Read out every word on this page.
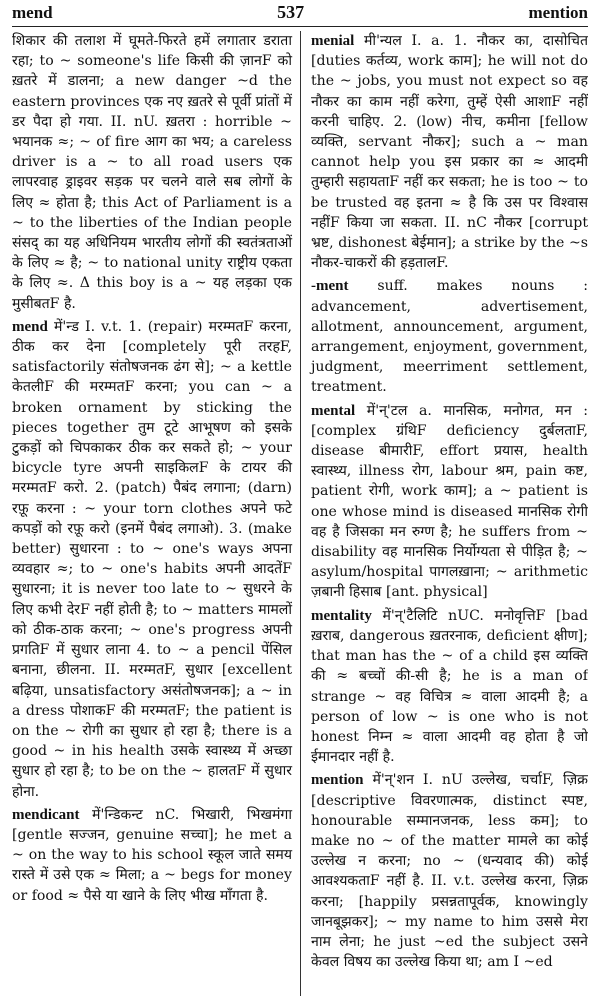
mend	537	mention

शिकार की तलाश में घूमते-फिरते हमें लगातार डराता रहा; to ~ someone's life किसी की ज़ानF को ख़तरे में डालना; a new danger ~d the eastern provinces एक नए ख़तरे से पूर्वी प्रांतों में डर पैदा हो गया. II. nU. ख़तरा : horrible ~ भयानक ≈; ~ of fire आग का भय; a careless driver is a ~ to all road users एक लापरवाह ड्राइवर सड़क पर चलने वाले सब लोगों के लिए ≈ होता है; this Act of Parliament is a ~ to the liberties of the Indian people संसद् का यह अधिनियम भारतीय लोगों की स्वतंत्रताओं के लिए ≈ है; ~ to national unity राष्ट्रीय एकता के लिए ≈. Δ this boy is a ~ यह लड़का एक मुसीबतF है.

mend में'न्ड I. v.t. 1. (repair) मरम्मतF करना, ठीक कर देना [completely पूरी तरहF, satisfactorily संतोषजनक ढंग से]; ~ a kettle केतलीF की मरम्मतF करना; you can ~ a broken ornament by sticking the pieces together तुम टूटे आभूषण को इसके टुकड़ों को चिपकाकर ठीक कर सकते हो; ~ your bicycle tyre अपनी साइकिलF के टायर की मरम्मतF करो. 2. (patch) पैबंद लगाना; (darn) रफ़ू करना : ~ your torn clothes अपने फटे कपड़ों को रफ़ू करो (इनमें पैबंद लगाओ). 3. (make better) सुधारना : to ~ one's ways अपना व्यवहार ≈; to ~ one's habits अपनी आदतेंF सुधारना; it is never too late to ~ सुधरने के लिए कभी देरF नहीं होती है; to ~ matters मामलों को ठीक-ठाक करना; ~ one's progress अपनी प्रगतिF में सुधार लाना 4. to ~ a pencil पेंसिल बनाना, छीलना. II. मरम्मतF, सुधार [excellent बढ़िया, unsatisfactory असंतोषजनक]; a ~ in a dress पोशाकF की मरम्मतF; the patient is on the ~ रोगी का सुधार हो रहा है; there is a good ~ in his health उसके स्वास्थ्य में अच्छा सुधार हो रहा है; to be on the ~ हालतF में सुधार होना.

mendicant में'न्डिकन्ट nC. भिखारी, भिखमंगा [gentle सज्जन, genuine सच्चा]; he met a ~ on the way to his school स्कूल जाते समय रास्ते में उसे एक ≈ मिला; a ~ begs for money or food ≈ पैसे या खाने के लिए भीख माँगता है.

menial मी'न्यल I. a. 1. नौकर का, दासोचित [duties कर्तव्य, work काम]; he will not do the ~ jobs, you must not expect so वह नौकर का काम नहीं करेगा, तुम्हें ऐसी आशाF नहीं करनी चाहिए. 2. (low) नीच, कमीना [fellow व्यक्ति, servant नौकर]; such a ~ man cannot help you इस प्रकार का ≈ आदमी तुम्हारी सहायताF नहीं कर सकता; he is too ~ to be trusted वह इतना ≈ है कि उस पर विश्वास नहींF किया जा सकता. II. nC नौकर [corrupt भ्रष्ट, dishonest बेईमान]; a strike by the ~s नौकर-चाकरों की हड़तालF.

-ment suff. makes nouns : advancement, advertisement, allotment, announcement, argument, arrangement, enjoyment, government, judgment, meerriment settlement, treatment.

mental में'न्'टल a. मानसिक, मनोगत, मन : [complex ग्रंथिF deficiency दुर्बलताF, disease बीमारीF, effort प्रयास, health स्वास्थ्य, illness रोग, labour श्रम, pain कष्ट, patient रोगी, work काम]; a ~ patient is one whose mind is diseased मानसिक रोगी वह है जिसका मन रुग्ण है; he suffers from ~ disability वह मानसिक निर्योग्यता से पीड़ित है; ~ asylum/hospital पागलख़ाना; ~ arithmetic ज़बानी हिसाब [ant. physical]

mentality में'न्'टैलिटि nUC. मनोवृत्तिF [bad ख़राब, dangerous ख़तरनाक, deficient क्षीण]; that man has the ~ of a child इस व्यक्ति की ≈ बच्चों की-सी है; he is a man of strange ~ वह विचित्र ≈ वाला आदमी है; a person of low ~ is one who is not honest निम्न ≈ वाला आदमी वह होता है जो ईमानदार नहीं है.

mention में'न्'शन I. nU उल्लेख, चर्चाF, ज़िक्र [descriptive विवरणात्मक, distinct स्पष्ट, honourable सम्मानजनक, less कम]; to make no ~ of the matter मामले का कोई उल्लेख न करना; no ~ (धन्यवाद की) कोई आवश्यकताF नहीं है. II. v.t. उल्लेख करना, ज़िक्र करना; [happily प्रसन्नतापूर्वक, knowingly जानबूझकर]; ~ my name to him उससे मेरा नाम लेना; he just ~ed the subject उसने केवल विषय का उल्लेख किया था; am I ~ed
